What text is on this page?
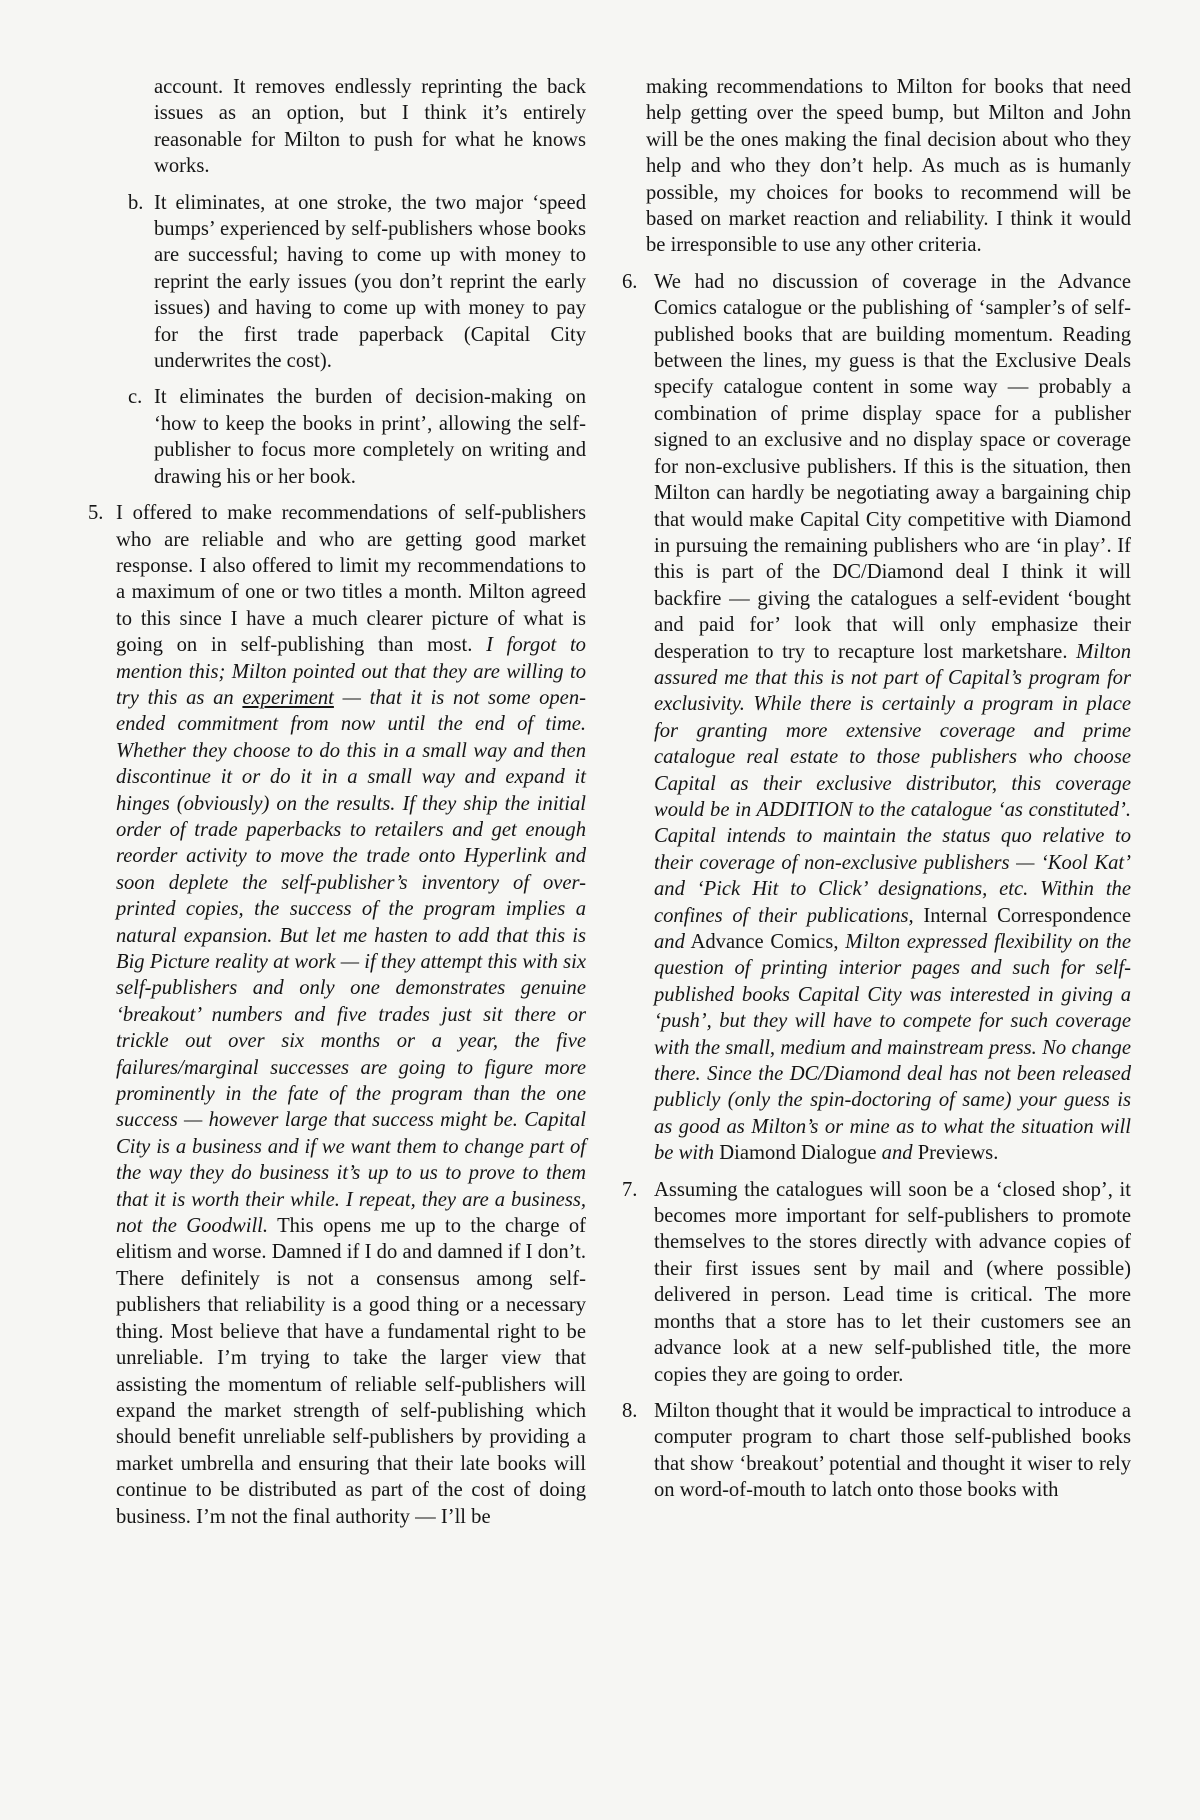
account. It removes endlessly reprinting the back issues as an option, but I think it’s entirely reasonable for Milton to push for what he knows works.

b. It eliminates, at one stroke, the two major ‘speed bumps’ experienced by self-publishers whose books are successful; having to come up with money to reprint the early issues (you don’t reprint the early issues) and having to come up with money to pay for the first trade paperback (Capital City underwrites the cost).

c. It eliminates the burden of decision-making on ‘how to keep the books in print’, allowing the self-publisher to focus more completely on writing and drawing his or her book.

5. I offered to make recommendations of self-publishers who are reliable and who are getting good market response. I also offered to limit my recommendations to a maximum of one or two titles a month. Milton agreed to this since I have a much clearer picture of what is going on in self-publishing than most. I forgot to mention this; Milton pointed out that they are willing to try this as an experiment — that it is not some open-ended commitment from now until the end of time. Whether they choose to do this in a small way and then discontinue it or do it in a small way and expand it hinges (obviously) on the results. If they ship the initial order of trade paperbacks to retailers and get enough reorder activity to move the trade onto Hyperlink and soon deplete the self-publisher’s inventory of over-printed copies, the success of the program implies a natural expansion. But let me hasten to add that this is Big Picture reality at work — if they attempt this with six self-publishers and only one demonstrates genuine ‘breakout’ numbers and five trades just sit there or trickle out over six months or a year, the five failures/marginal successes are going to figure more prominently in the fate of the program than the one success — however large that success might be. Capital City is a business and if we want them to change part of the way they do business it’s up to us to prove to them that it is worth their while. I repeat, they are a business, not the Goodwill. This opens me up to the charge of elitism and worse. Damned if I do and damned if I don’t. There definitely is not a consensus among self-publishers that reliability is a good thing or a necessary thing. Most believe that have a fundamental right to be unreliable. I’m trying to take the larger view that assisting the momentum of reliable self-publishers will expand the market strength of self-publishing which should benefit unreliable self-publishers by providing a market umbrella and ensuring that their late books will continue to be distributed as part of the cost of doing business. I’m not the final authority — I’ll be

making recommendations to Milton for books that need help getting over the speed bump, but Milton and John will be the ones making the final decision about who they help and who they don’t help. As much as is humanly possible, my choices for books to recommend will be based on market reaction and reliability. I think it would be irresponsible to use any other criteria.

6. We had no discussion of coverage in the Advance Comics catalogue or the publishing of ‘sampler’s of self-published books that are building momentum. Reading between the lines, my guess is that the Exclusive Deals specify catalogue content in some way — probably a combination of prime display space for a publisher signed to an exclusive and no display space or coverage for non-exclusive publishers. If this is the situation, then Milton can hardly be negotiating away a bargaining chip that would make Capital City competitive with Diamond in pursuing the remaining publishers who are ‘in play’. If this is part of the DC/Diamond deal I think it will backfire — giving the catalogues a self-evident ‘bought and paid for’ look that will only emphasize their desperation to try to recapture lost marketshare. Milton assured me that this is not part of Capital’s program for exclusivity. While there is certainly a program in place for granting more extensive coverage and prime catalogue real estate to those publishers who choose Capital as their exclusive distributor, this coverage would be in ADDITION to the catalogue ‘as constituted’. Capital intends to maintain the status quo relative to their coverage of non-exclusive publishers — ‘Kool Kat’ and ‘Pick Hit to Click’ designations, etc. Within the confines of their publications, Internal Correspondence and Advance Comics, Milton expressed flexibility on the question of printing interior pages and such for self-published books Capital City was interested in giving a ‘push’, but they will have to compete for such coverage with the small, medium and mainstream press. No change there. Since the DC/Diamond deal has not been released publicly (only the spin-doctoring of same) your guess is as good as Milton’s or mine as to what the situation will be with Diamond Dialogue and Previews.

7. Assuming the catalogues will soon be a ‘closed shop’, it becomes more important for self-publishers to promote themselves to the stores directly with advance copies of their first issues sent by mail and (where possible) delivered in person. Lead time is critical. The more months that a store has to let their customers see an advance look at a new self-published title, the more copies they are going to order.

8. Milton thought that it would be impractical to introduce a computer program to chart those self-published books that show ‘breakout’ potential and thought it wiser to rely on word-of-mouth to latch onto those books with
